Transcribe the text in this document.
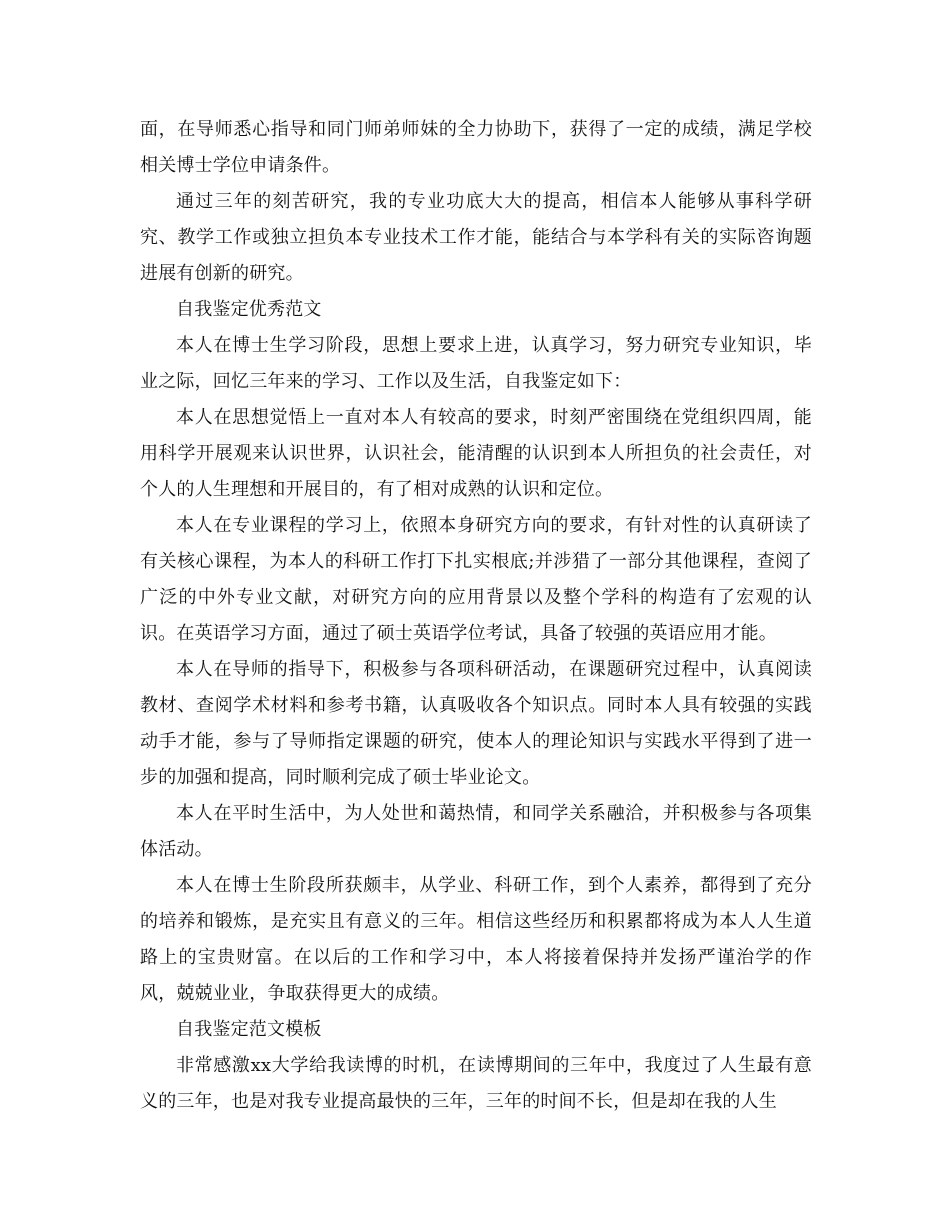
面，在导师悉心指导和同门师弟师妹的全力协助下，获得了一定的成绩，满足学校相关博士学位申请条件。

通过三年的刻苦研究，我的专业功底大大的提高，相信本人能够从事科学研究、教学工作或独立担负本专业技术工作才能，能结合与本学科有关的实际咨询题进展有创新的研究。

自我鉴定优秀范文

本人在博士生学习阶段，思想上要求上进，认真学习，努力研究专业知识，毕业之际，回忆三年来的学习、工作以及生活，自我鉴定如下：

本人在思想觉悟上一直对本人有较高的要求，时刻严密围绕在党组织四周，能用科学开展观来认识世界，认识社会，能清醒的认识到本人所担负的社会责任，对个人的人生理想和开展目的，有了相对成熟的认识和定位。

本人在专业课程的学习上，依照本身研究方向的要求，有针对性的认真研读了有关核心课程，为本人的科研工作打下扎实根底;并涉猎了一部分其他课程，查阅了广泛的中外专业文献，对研究方向的应用背景以及整个学科的构造有了宏观的认识。在英语学习方面，通过了硕士英语学位考试，具备了较强的英语应用才能。

本人在导师的指导下，积极参与各项科研活动，在课题研究过程中，认真阅读教材、查阅学术材料和参考书籍，认真吸收各个知识点。同时本人具有较强的实践动手才能，参与了导师指定课题的研究，使本人的理论知识与实践水平得到了进一步的加强和提高，同时顺利完成了硕士毕业论文。

本人在平时生活中，为人处世和蔼热情，和同学关系融洽，并积极参与各项集体活动。

本人在博士生阶段所获颇丰，从学业、科研工作，到个人素养，都得到了充分的培养和锻炼，是充实且有意义的三年。相信这些经历和积累都将成为本人人生道路上的宝贵财富。在以后的工作和学习中，本人将接着保持并发扬严谨治学的作风，兢兢业业，争取获得更大的成绩。

自我鉴定范文模板

非常感激xx大学给我读博的时机，在读博期间的三年中，我度过了人生最有意义的三年，也是对我专业提高最快的三年，三年的时间不长，但是却在我的人生
